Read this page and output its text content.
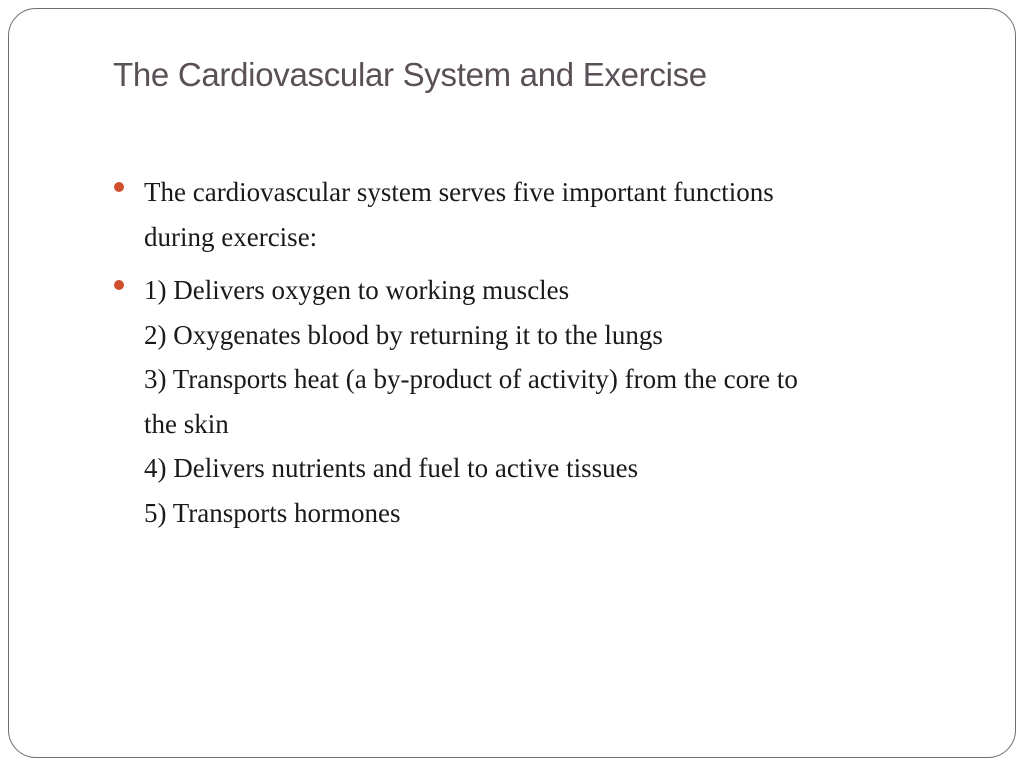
The Cardiovascular System and Exercise
The cardiovascular system serves five important functions
during exercise:
1) Delivers oxygen to working muscles
2) Oxygenates blood by returning it to the lungs
3) Transports heat (a by-product of activity) from the core to
the skin
4) Delivers nutrients and fuel to active tissues
5) Transports hormones
